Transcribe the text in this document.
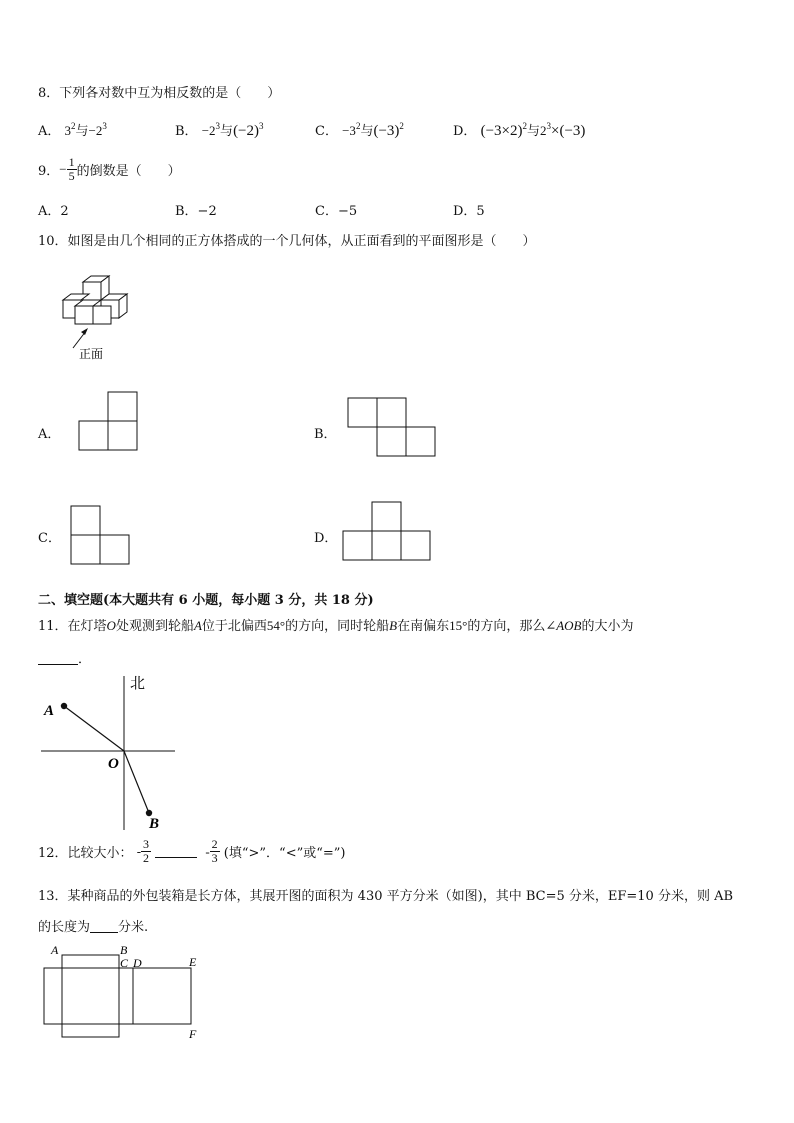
8．下列各对数中互为相反数的是（　　）
A． $3^2$与$-2^3$	B． $-2^3$与$(-2)^3$	C． $-3^2$与$(-3)^2$	D． $(-3\times 2)^2$与$2^3\times(-3)$
9．− $\frac{1}{5}$ 的倒数是（　　）
A．2	B．−2	C．−5	D．5
10．如图是由几个相同的正方体搭成的一个几何体，从正面看到的平面图形是（　　）
正面
A．	B．
C．	D．
二、填空题(本大题共有 6 小题，每小题 3 分，共 18 分)
11．在灯塔O处观测到轮船A位于北偏西54°的方向，同时轮船B在南偏东15°的方向，那么∠AOB的大小为
．
北
A
O
B
12．比较大小： - $\frac{3}{2}$	- $\frac{2}{3}$ (填“>”．“<”或“=”)
13．某种商品的外包装箱是长方体，其展开图的面积为 430 平方分米（如图)，其中 BC=5 分米，EF=10 分米，则 AB
的长度为 分米.
A	B
C D	E
F
